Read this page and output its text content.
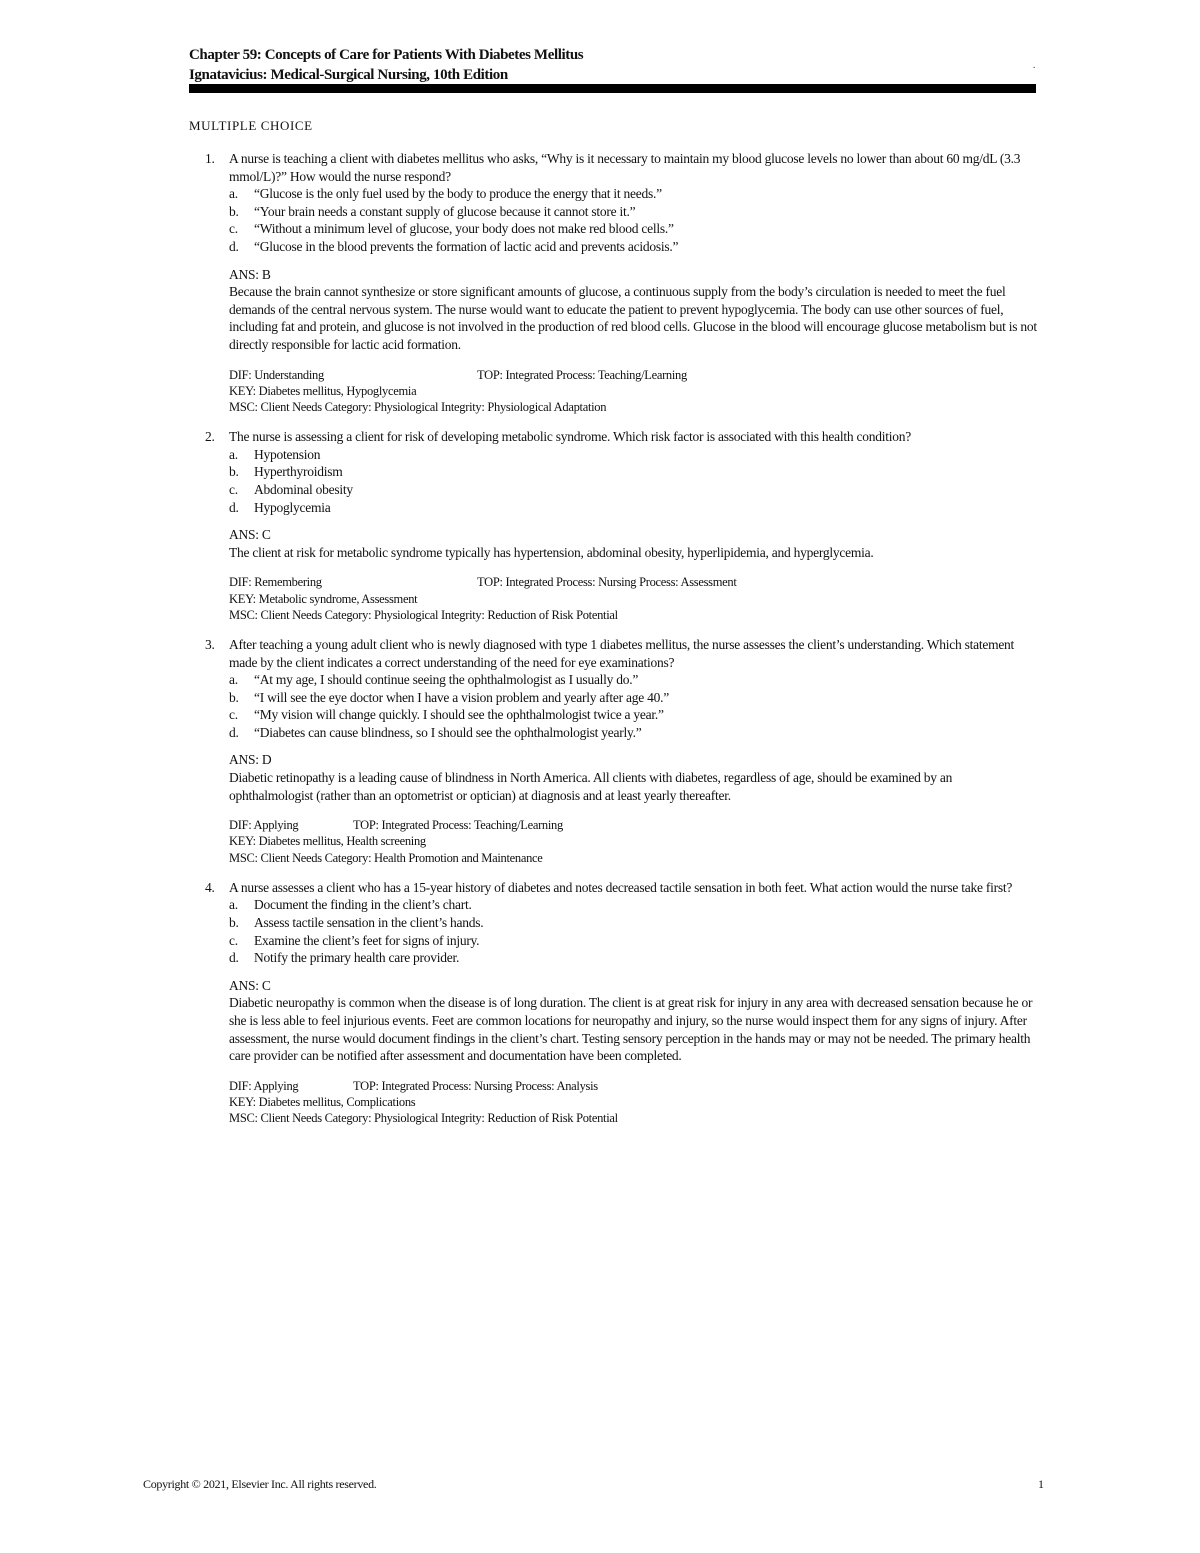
Chapter 59: Concepts of Care for Patients With Diabetes Mellitus
Ignatavicius: Medical-Surgical Nursing, 10th Edition
.
MULTIPLE CHOICE
1. A nurse is teaching a client with diabetes mellitus who asks, “Why is it necessary to maintain my blood glucose levels no lower than about 60 mg/dL (3.3 mmol/L)?” How would the nurse respond?

a. “Glucose is the only fuel used by the body to produce the energy that it needs.”
b. “Your brain needs a constant supply of glucose because it cannot store it.”
c. “Without a minimum level of glucose, your body does not make red blood cells.”
d. “Glucose in the blood prevents the formation of lactic acid and prevents acidosis.”
ANS: B

Because the brain cannot synthesize or store significant amounts of glucose, a continuous supply from the body’s circulation is needed to meet the fuel demands of the central nervous system. The nurse would want to educate the patient to prevent hypoglycemia. The body can use other sources of fuel, including fat and protein, and glucose is not involved in the production of red blood cells. Glucose in the blood will encourage glucose metabolism but is not directly responsible for lactic acid formation.

DIF: Understanding	TOP: Integrated Process: Teaching/Learning
KEY: Diabetes mellitus, Hypoglycemia
MSC: Client Needs Category: Physiological Integrity: Physiological Adaptation
2. The nurse is assessing a client for risk of developing metabolic syndrome. Which risk factor is associated with this health condition?

a. Hypotension
b. Hyperthyroidism
c. Abdominal obesity
d. Hypoglycemia
ANS: C

The client at risk for metabolic syndrome typically has hypertension, abdominal obesity, hyperlipidemia, and hyperglycemia.

DIF: Remembering	TOP: Integrated Process: Nursing Process: Assessment
KEY: Metabolic syndrome, Assessment
MSC: Client Needs Category: Physiological Integrity: Reduction of Risk Potential
3. After teaching a young adult client who is newly diagnosed with type 1 diabetes mellitus, the nurse assesses the client’s understanding. Which statement made by the client indicates a correct understanding of the need for eye examinations?

a. “At my age, I should continue seeing the ophthalmologist as I usually do.”
b. “I will see the eye doctor when I have a vision problem and yearly after age 40.”
c. “My vision will change quickly. I should see the ophthalmologist twice a year.”
d. “Diabetes can cause blindness, so I should see the ophthalmologist yearly.”
ANS: D

Diabetic retinopathy is a leading cause of blindness in North America. All clients with diabetes, regardless of age, should be examined by an ophthalmologist (rather than an optometrist or optician) at diagnosis and at least yearly thereafter.

DIF: Applying	TOP: Integrated Process: Teaching/Learning
KEY: Diabetes mellitus, Health screening
MSC: Client Needs Category: Health Promotion and Maintenance
4. A nurse assesses a client who has a 15-year history of diabetes and notes decreased tactile sensation in both feet. What action would the nurse take first?

a. Document the finding in the client’s chart.
b. Assess tactile sensation in the client’s hands.
c. Examine the client’s feet for signs of injury.
d. Notify the primary health care provider.
ANS: C

Diabetic neuropathy is common when the disease is of long duration. The client is at great risk for injury in any area with decreased sensation because he or she is less able to feel injurious events. Feet are common locations for neuropathy and injury, so the nurse would inspect them for any signs of injury. After assessment, the nurse would document findings in the client’s chart. Testing sensory perception in the hands may or may not be needed. The primary health care provider can be notified after assessment and documentation have been completed.

DIF: Applying	TOP: Integrated Process: Nursing Process: Analysis
KEY: Diabetes mellitus, Complications
MSC: Client Needs Category: Physiological Integrity: Reduction of Risk Potential
Copyright © 2021, Elsevier Inc. All rights reserved.	1
